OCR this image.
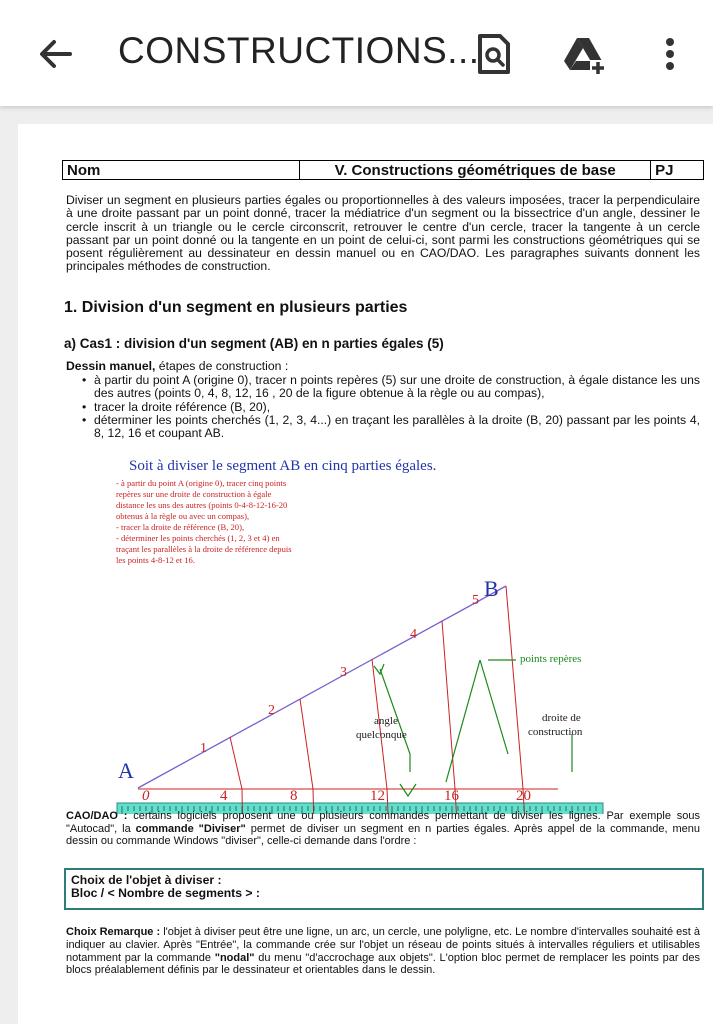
CONSTRUCTIONS...
Nom	V. Constructions géométriques de base	PJ

Diviser un segment en plusieurs parties égales ou proportionnelles à des valeurs imposées, tracer la perpendiculaire à une droite passant par un point donné, tracer la médiatrice d'un segment ou la bissectrice d'un angle, dessiner le cercle inscrit à un triangle ou le cercle circonscrit, retrouver le centre d'un cercle, tracer la tangente à un cercle passant par un point donné ou la tangente en un point de celui-ci, sont parmi les constructions géométriques qui se posent régulièrement au dessinateur en dessin manuel ou en CAO/DAO. Les paragraphes suivants donnent les principales méthodes de construction.

1. Division d'un segment en plusieurs parties
a) Cas1 : division d'un segment (AB) en n parties égales (5)
Dessin manuel, étapes de construction :
• à partir du point A (origine 0), tracer n points repères (5) sur une droite de construction, à égale distance les uns des autres (points 0, 4, 8, 12, 16 , 20 de la figure obtenue à la règle ou au compas),
• tracer la droite référence (B, 20),
• déterminer les points cherchés (1, 2, 3, 4...) en traçant les parallèles à la droite (B, 20) passant par les points 4, 8, 12, 16 et coupant AB.
Soit à diviser le segment AB en cinq parties égales.
- à partir du point A (origine 0), tracer cinq points
repères sur une droite de construction à égale
distance les uns des autres (points 0-4-8-12-16-20
obtenus à la règle ou avec un compas),
- tracer la droite de référence (B, 20),
- déterminer les points cherchés (1, 2, 3 et 4) en
traçant les parallèles à la droite de référence depuis
les points 4-8-12 et 16.
1
2
3
4
5
A
B
0	4	8	12	16	20
angle
quelconque
points repères
droite de
construction

CAO/DAO : certains logiciels proposent une ou plusieurs commandes permettant de diviser les lignes. Par exemple sous "Autocad", la commande "Diviser" permet de diviser un segment en n parties égales. Après appel de la commande, menu dessin ou commande Windows "diviser", celle-ci demande dans l'ordre :

Choix de l'objet à diviser :
Bloc / < Nombre de segments > :

Choix Remarque : l'objet à diviser peut être une ligne, un arc, un cercle, une polyligne, etc. Le nombre d'intervalles souhaité est à indiquer au clavier. Après "Entrée", la commande crée sur l'objet un réseau de points situés à intervalles réguliers et utilisables notamment par la commande "nodal" du menu "d'accrochage aux objets". L'option bloc permet de remplacer les points par des blocs préalablement définis par le dessinateur et orientables dans le dessin.
